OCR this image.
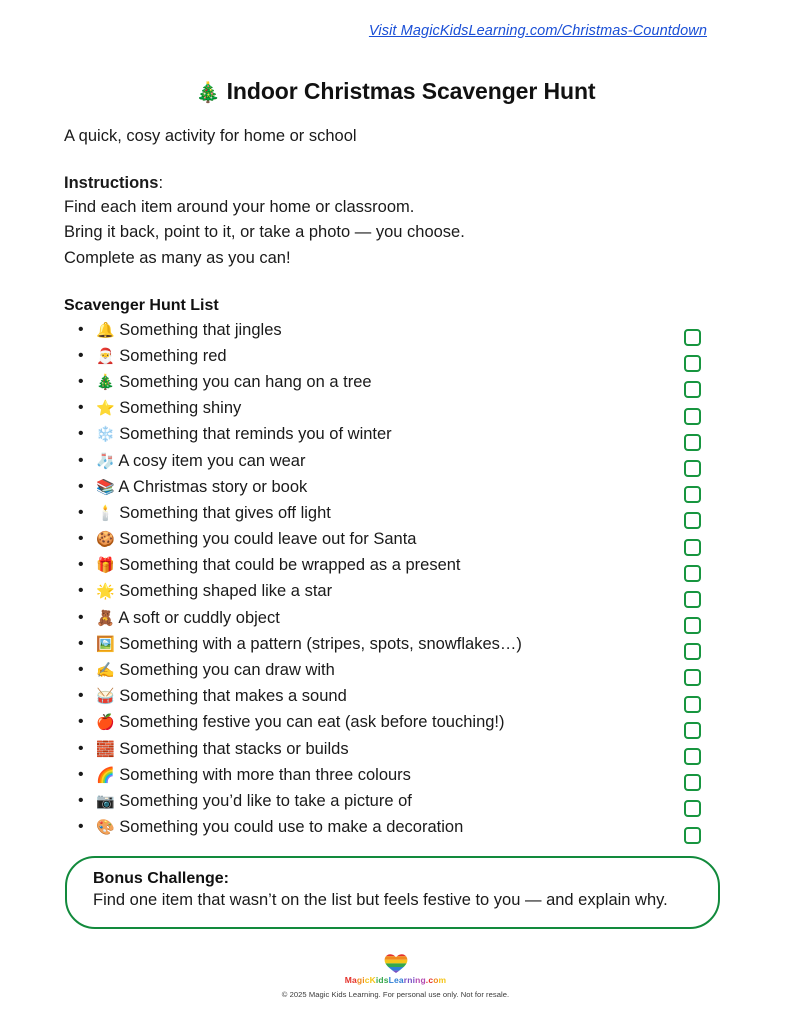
Visit MagicKidsLearning.com/Christmas-Countdown
🎄 Indoor Christmas Scavenger Hunt

A quick, cosy activity for home or school

Instructions:

Find each item around your home or classroom.

Bring it back, point to it, or take a photo — you choose.

Complete as many as you can!

Scavenger Hunt List

• 🔔 Something that jingles
• 🎅 Something red
• 🎄 Something you can hang on a tree
• ⭐ Something shiny
• ❄️ Something that reminds you of winter
• 🧦 A cosy item you can wear
• 📚 A Christmas story or book
• 🕯️ Something that gives off light
• 🍪 Something you could leave out for Santa
• 🎁 Something that could be wrapped as a present
• 🌟 Something shaped like a star
• 🧸 A soft or cuddly object
• 🖼️ Something with a pattern (stripes, spots, snowflakes…)
• ✍️ Something you can draw with
• 🥁 Something that makes a sound
• 🍎 Something festive you can eat (ask before touching!)
• 🧱 Something that stacks or builds
• 🌈 Something with more than three colours
• 📷 Something you’d like to take a picture of
• 🎨 Something you could use to make a decoration

Bonus Challenge:

Find one item that wasn’t on the list but feels festive to you — and explain why.

MagicKidsLearning.com
© 2025 Magic Kids Learning. For personal use only. Not for resale.
